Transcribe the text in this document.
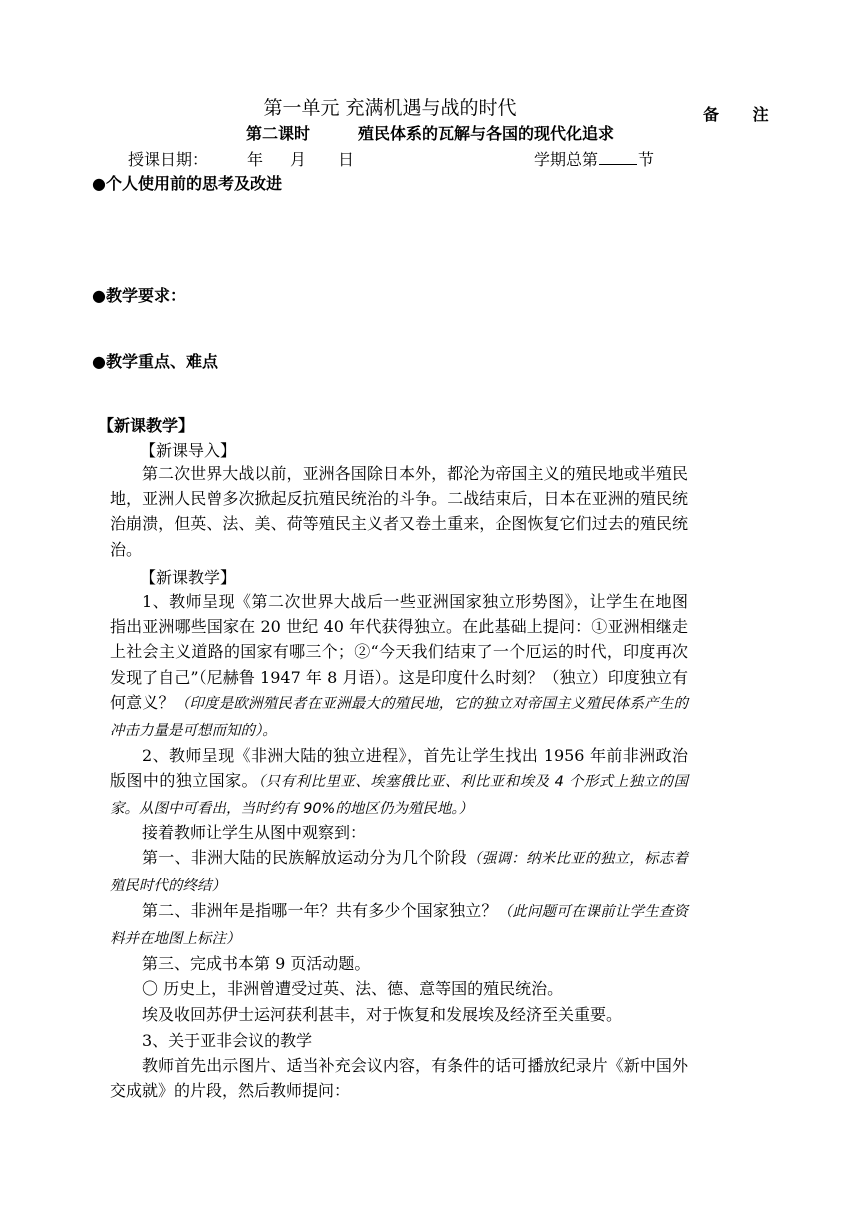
第一单元 充满机遇与战的时代	备 注
第二课时	殖民体系的瓦解与各国的现代化追求
授课日期： 年 月 日	学期总第	节
●个人使用前的思考及改进
●教学要求：
●教学重点、难点
【新课教学】
【新课导入】
第二次世界大战以前，亚洲各国除日本外，都沦为帝国主义的殖民地或半殖民地，亚洲人民曾多次掀起反抗殖民统治的斗争。二战结束后，日本在亚洲的殖民统治崩溃，但英、法、美、荷等殖民主义者又卷土重来，企图恢复它们过去的殖民统治。
【新课教学】
1、教师呈现《第二次世界大战后一些亚洲国家独立形势图》，让学生在地图指出亚洲哪些国家在 20 世纪 40 年代获得独立。在此基础上提问：①亚洲相继走上社会主义道路的国家有哪三个；②“今天我们结束了一个厄运的时代，印度再次发现了自己”（尼赫鲁 1947 年 8 月语）。这是印度什么时刻？（独立）印度独立有何意义？（印度是欧洲殖民者在亚洲最大的殖民地，它的独立对帝国主义殖民体系产生的冲击力量是可想而知的）。
2、教师呈现《非洲大陆的独立进程》，首先让学生找出 1956 年前非洲政治版图中的独立国家。（只有利比里亚、埃塞俄比亚、利比亚和埃及 4 个形式上独立的国家。从图中可看出，当时约有 90%的地区仍为殖民地。）
接着教师让学生从图中观察到：
第一、非洲大陆的民族解放运动分为几个阶段（强调：纳米比亚的独立，标志着殖民时代的终结）
第二、非洲年是指哪一年？共有多少个国家独立？（此问题可在课前让学生查资料并在地图上标注）
第三、完成书本第 9 页活动题。
〇 历史上，非洲曾遭受过英、法、德、意等国的殖民统治。
埃及收回苏伊士运河获利甚丰，对于恢复和发展埃及经济至关重要。
3、关于亚非会议的教学
教师首先出示图片、适当补充会议内容，有条件的话可播放纪录片《新中国外交成就》的片段，然后教师提问：
